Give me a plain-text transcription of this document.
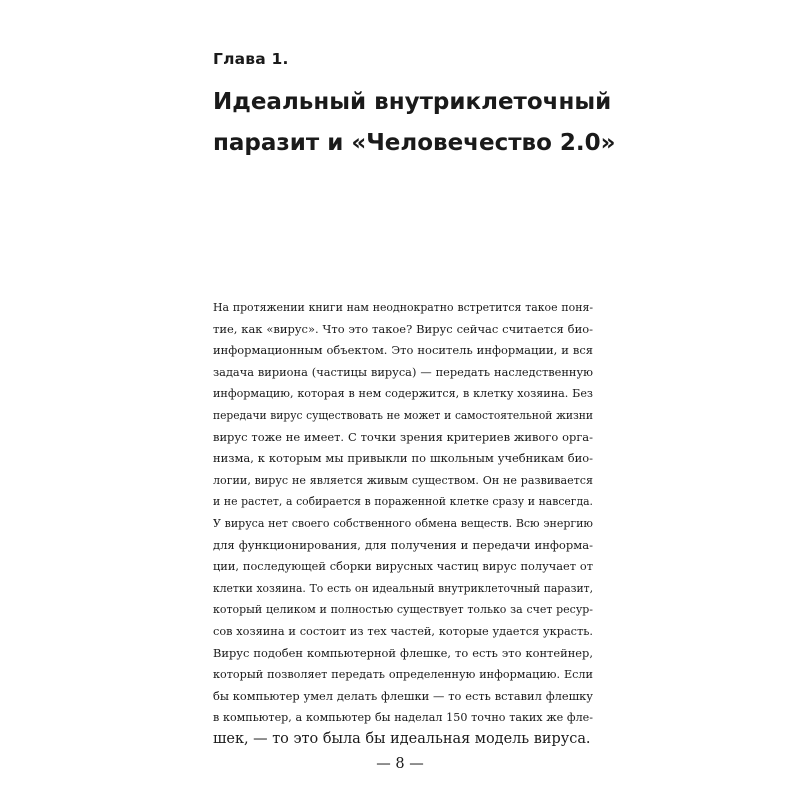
Глава 1.
Идеальный внутриклеточный
паразит и «Человечество 2.0»
На протяжении книги нам неоднократно встретится такое поня-
тие, как «вирус». Что это такое? Вирус сейчас считается био-
информационным объектом. Это носитель информации, и вся
задача вириона (частицы вируса) — передать наследственную
информацию, которая в нем содержится, в клетку хозяина. Без
передачи вирус существовать не может и самостоятельной жизни
вирус тоже не имеет. С точки зрения критериев живого орга-
низма, к которым мы привыкли по школьным учебникам био-
логии, вирус не является живым существом. Он не развивается
и не растет, а собирается в пораженной клетке сразу и навсегда.
У вируса нет своего собственного обмена веществ. Всю энергию
для функционирования, для получения и передачи информа-
ции, последующей сборки вирусных частиц вирус получает от
клетки хозяина. То есть он идеальный внутриклеточный паразит,
который целиком и полностью существует только за счет ресур-
сов хозяина и состоит из тех частей, которые удается украсть.
Вирус подобен компьютерной флешке, то есть это контейнер,
который позволяет передать определенную информацию. Если
бы компьютер умел делать флешки — то есть вставил флешку
в компьютер, а компьютер бы наделал 150 точно таких же фле-
шек, — то это была бы идеальная модель вируса.
— 8 —
